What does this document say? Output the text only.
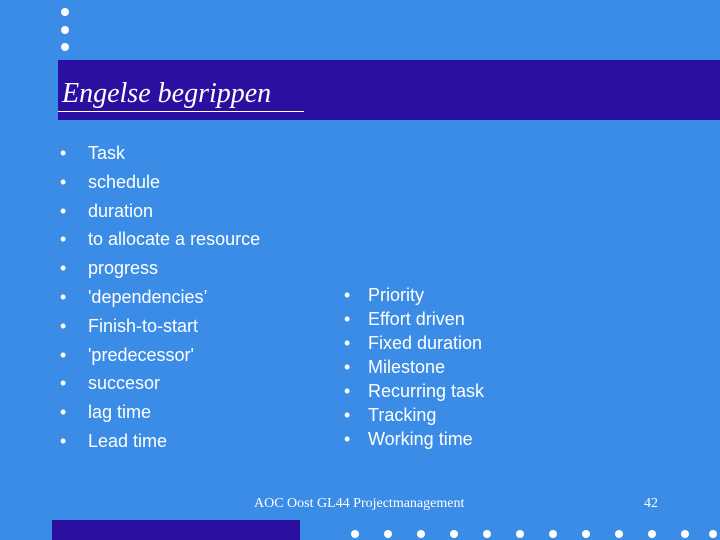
Engelse begrippen
• Task
• schedule
• duration
• to allocate a resource
• progress
• 'dependencies’
• Finish-to-start
• 'predecessor'
• succesor
• lag time
• Lead time
• Priority
• Effort driven
• Fixed duration
• Milestone
• Recurring task
• Tracking
• Working time
AOC Oost GL44 Projectmanagement	42
